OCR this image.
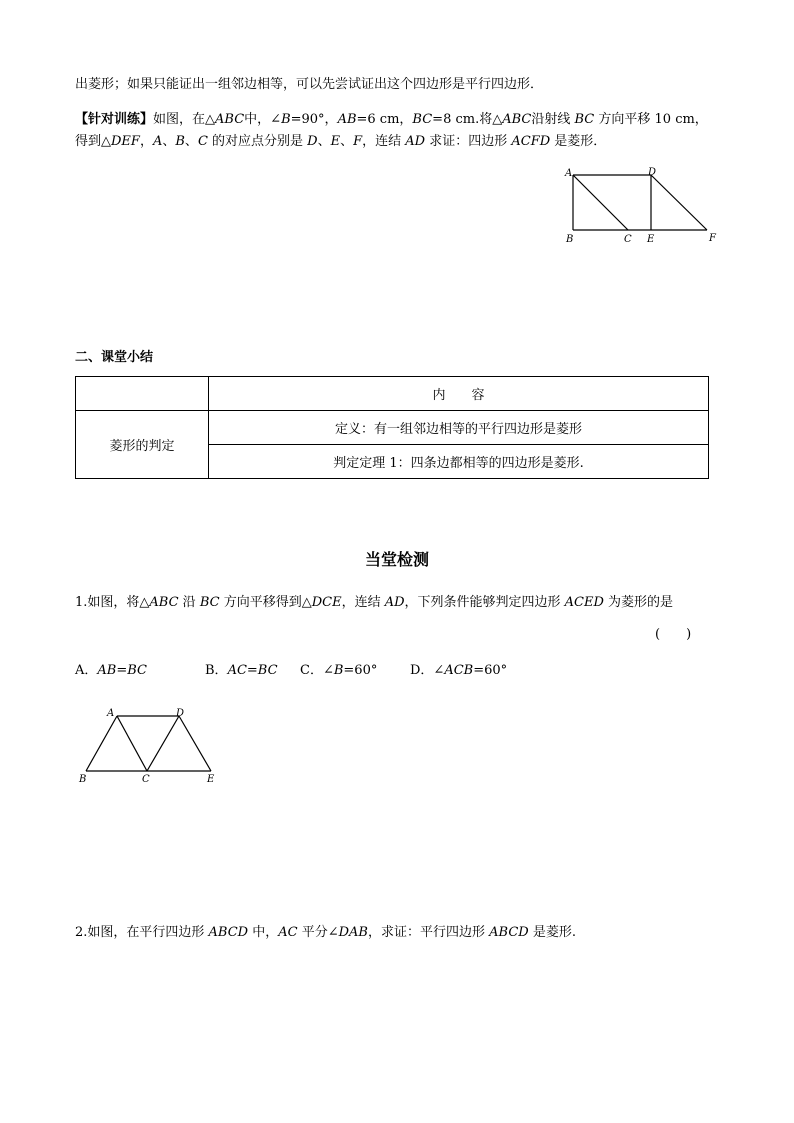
出菱形；如果只能证出一组邻边相等，可以先尝试证出这个四边形是平行四边形．
【针对训练】如图，在△ABC中，∠B=90°，AB=6 cm，BC=8 cm.将△ABC沿射线 BC 方向平移 10 cm，
得到△DEF，A、B、C 的对应点分别是 D、E、F，连结 AD 求证：四边形 ACFD 是菱形．
A	D
B	C E	F
二、课堂小结
	内　　容
菱形的判定	定义：有一组邻边相等的平行四边形是菱形
	判定定理 1：四条边都相等的四边形是菱形.
当堂检测
1.如图，将△ABC 沿 BC 方向平移得到△DCE，连结 AD，下列条件能够判定四边形 ACED 为菱形的是
(　　)
A．AB=BC	B．AC=BC C．∠B=60°	D．∠ACB=60°
A	D
B	C	E
2.如图，在平行四边形 ABCD 中，AC 平分∠DAB，求证：平行四边形 ABCD 是菱形.
